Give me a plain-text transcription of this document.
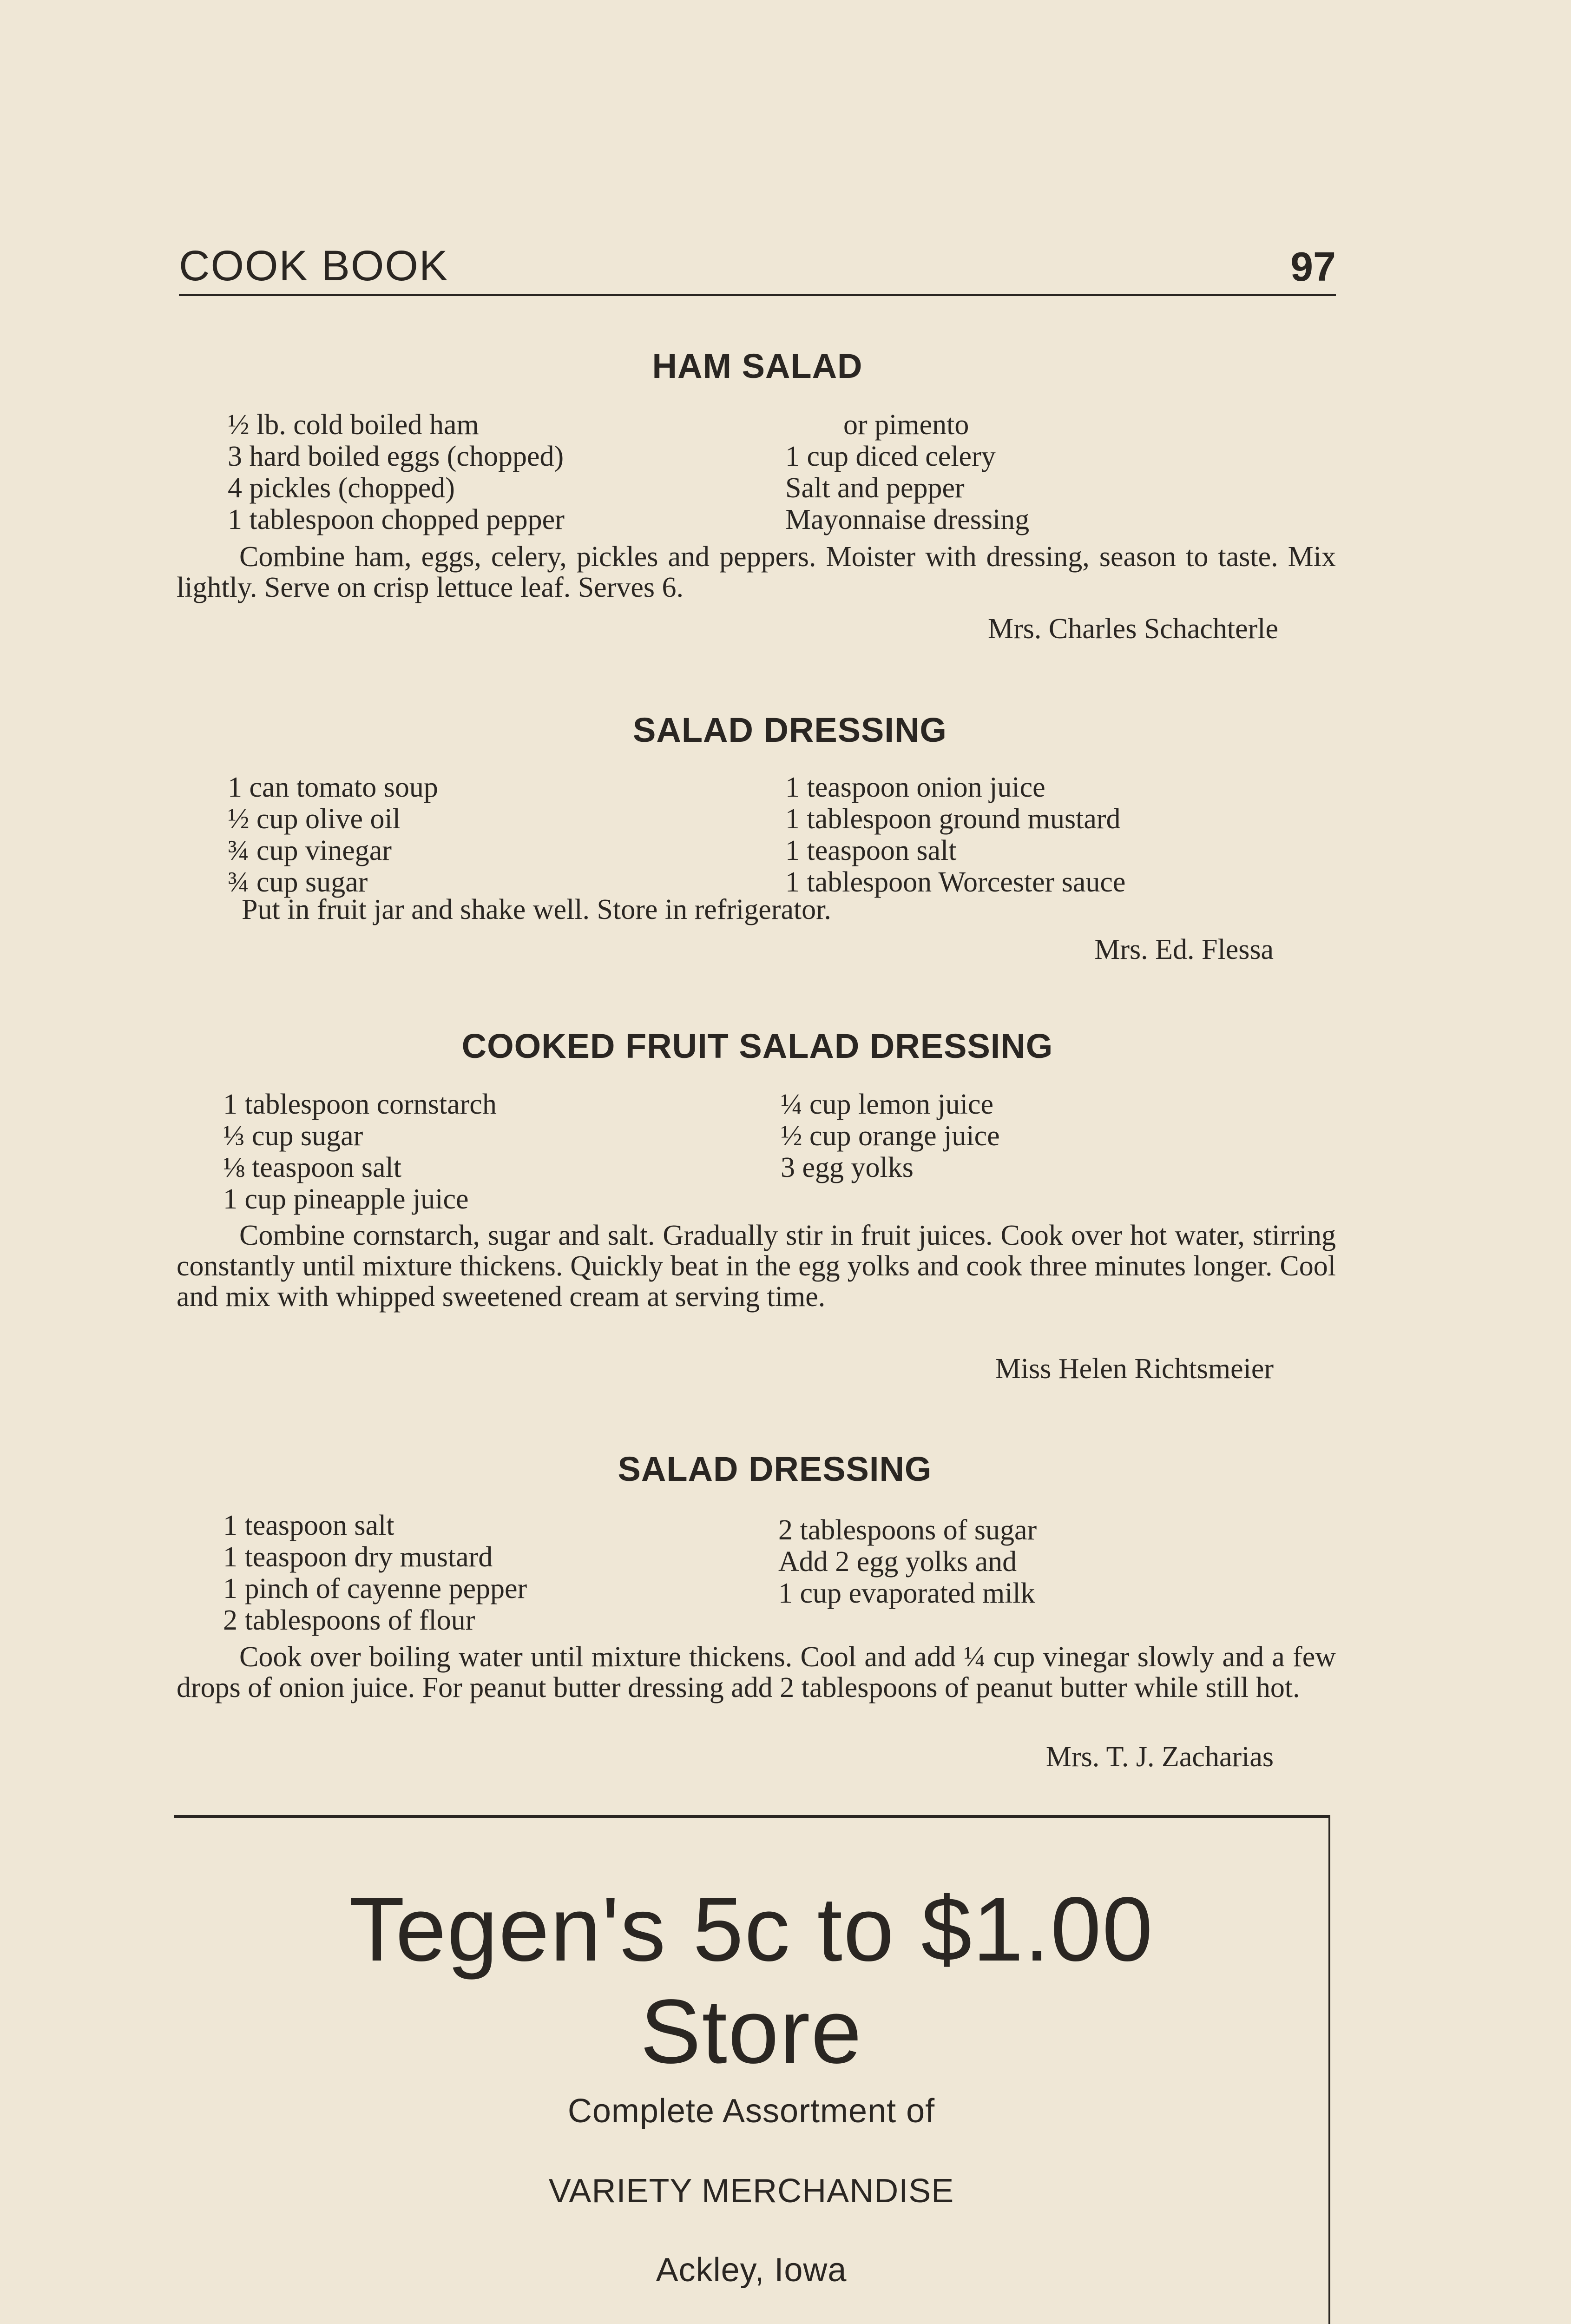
COOK BOOK	97
HAM SALAD
½ lb. cold boiled ham
3 hard boiled eggs (chopped)
4 pickles (chopped)
1 tablespoon chopped pepper
or pimento
1 cup diced celery
Salt and pepper
Mayonnaise dressing
Combine ham, eggs, celery, pickles and peppers. Moister with dressing, season to taste. Mix lightly. Serve on crisp lettuce leaf. Serves 6.
Mrs. Charles Schachterle
SALAD DRESSING
1 can tomato soup
½ cup olive oil
¾ cup vinegar
¾ cup sugar
1 teaspoon onion juice
1 tablespoon ground mustard
1 teaspoon salt
1 tablespoon Worcester sauce
Put in fruit jar and shake well. Store in refrigerator.
Mrs. Ed. Flessa
COOKED FRUIT SALAD DRESSING
1 tablespoon cornstarch
⅓ cup sugar
⅛ teaspoon salt
1 cup pineapple juice
¼ cup lemon juice
½ cup orange juice
3 egg yolks
Combine cornstarch, sugar and salt. Gradually stir in fruit juices. Cook over hot water, stirring constantly until mixture thickens. Quickly beat in the egg yolks and cook three minutes longer. Cool and mix with whipped sweetened cream at serving time.
Miss Helen Richtsmeier
SALAD DRESSING
1 teaspoon salt
1 teaspoon dry mustard
1 pinch of cayenne pepper
2 tablespoons of flour
2 tablespoons of sugar
Add 2 egg yolks and
1 cup evaporated milk
Cook over boiling water until mixture thickens. Cool and add ¼ cup vinegar slowly and a few drops of onion juice. For peanut butter dressing add 2 tablespoons of peanut butter while still hot.
Mrs. T. J. Zacharias
Tegen's 5c to $1.00
Store
Complete Assortment of
VARIETY MERCHANDISE
Ackley, Iowa
